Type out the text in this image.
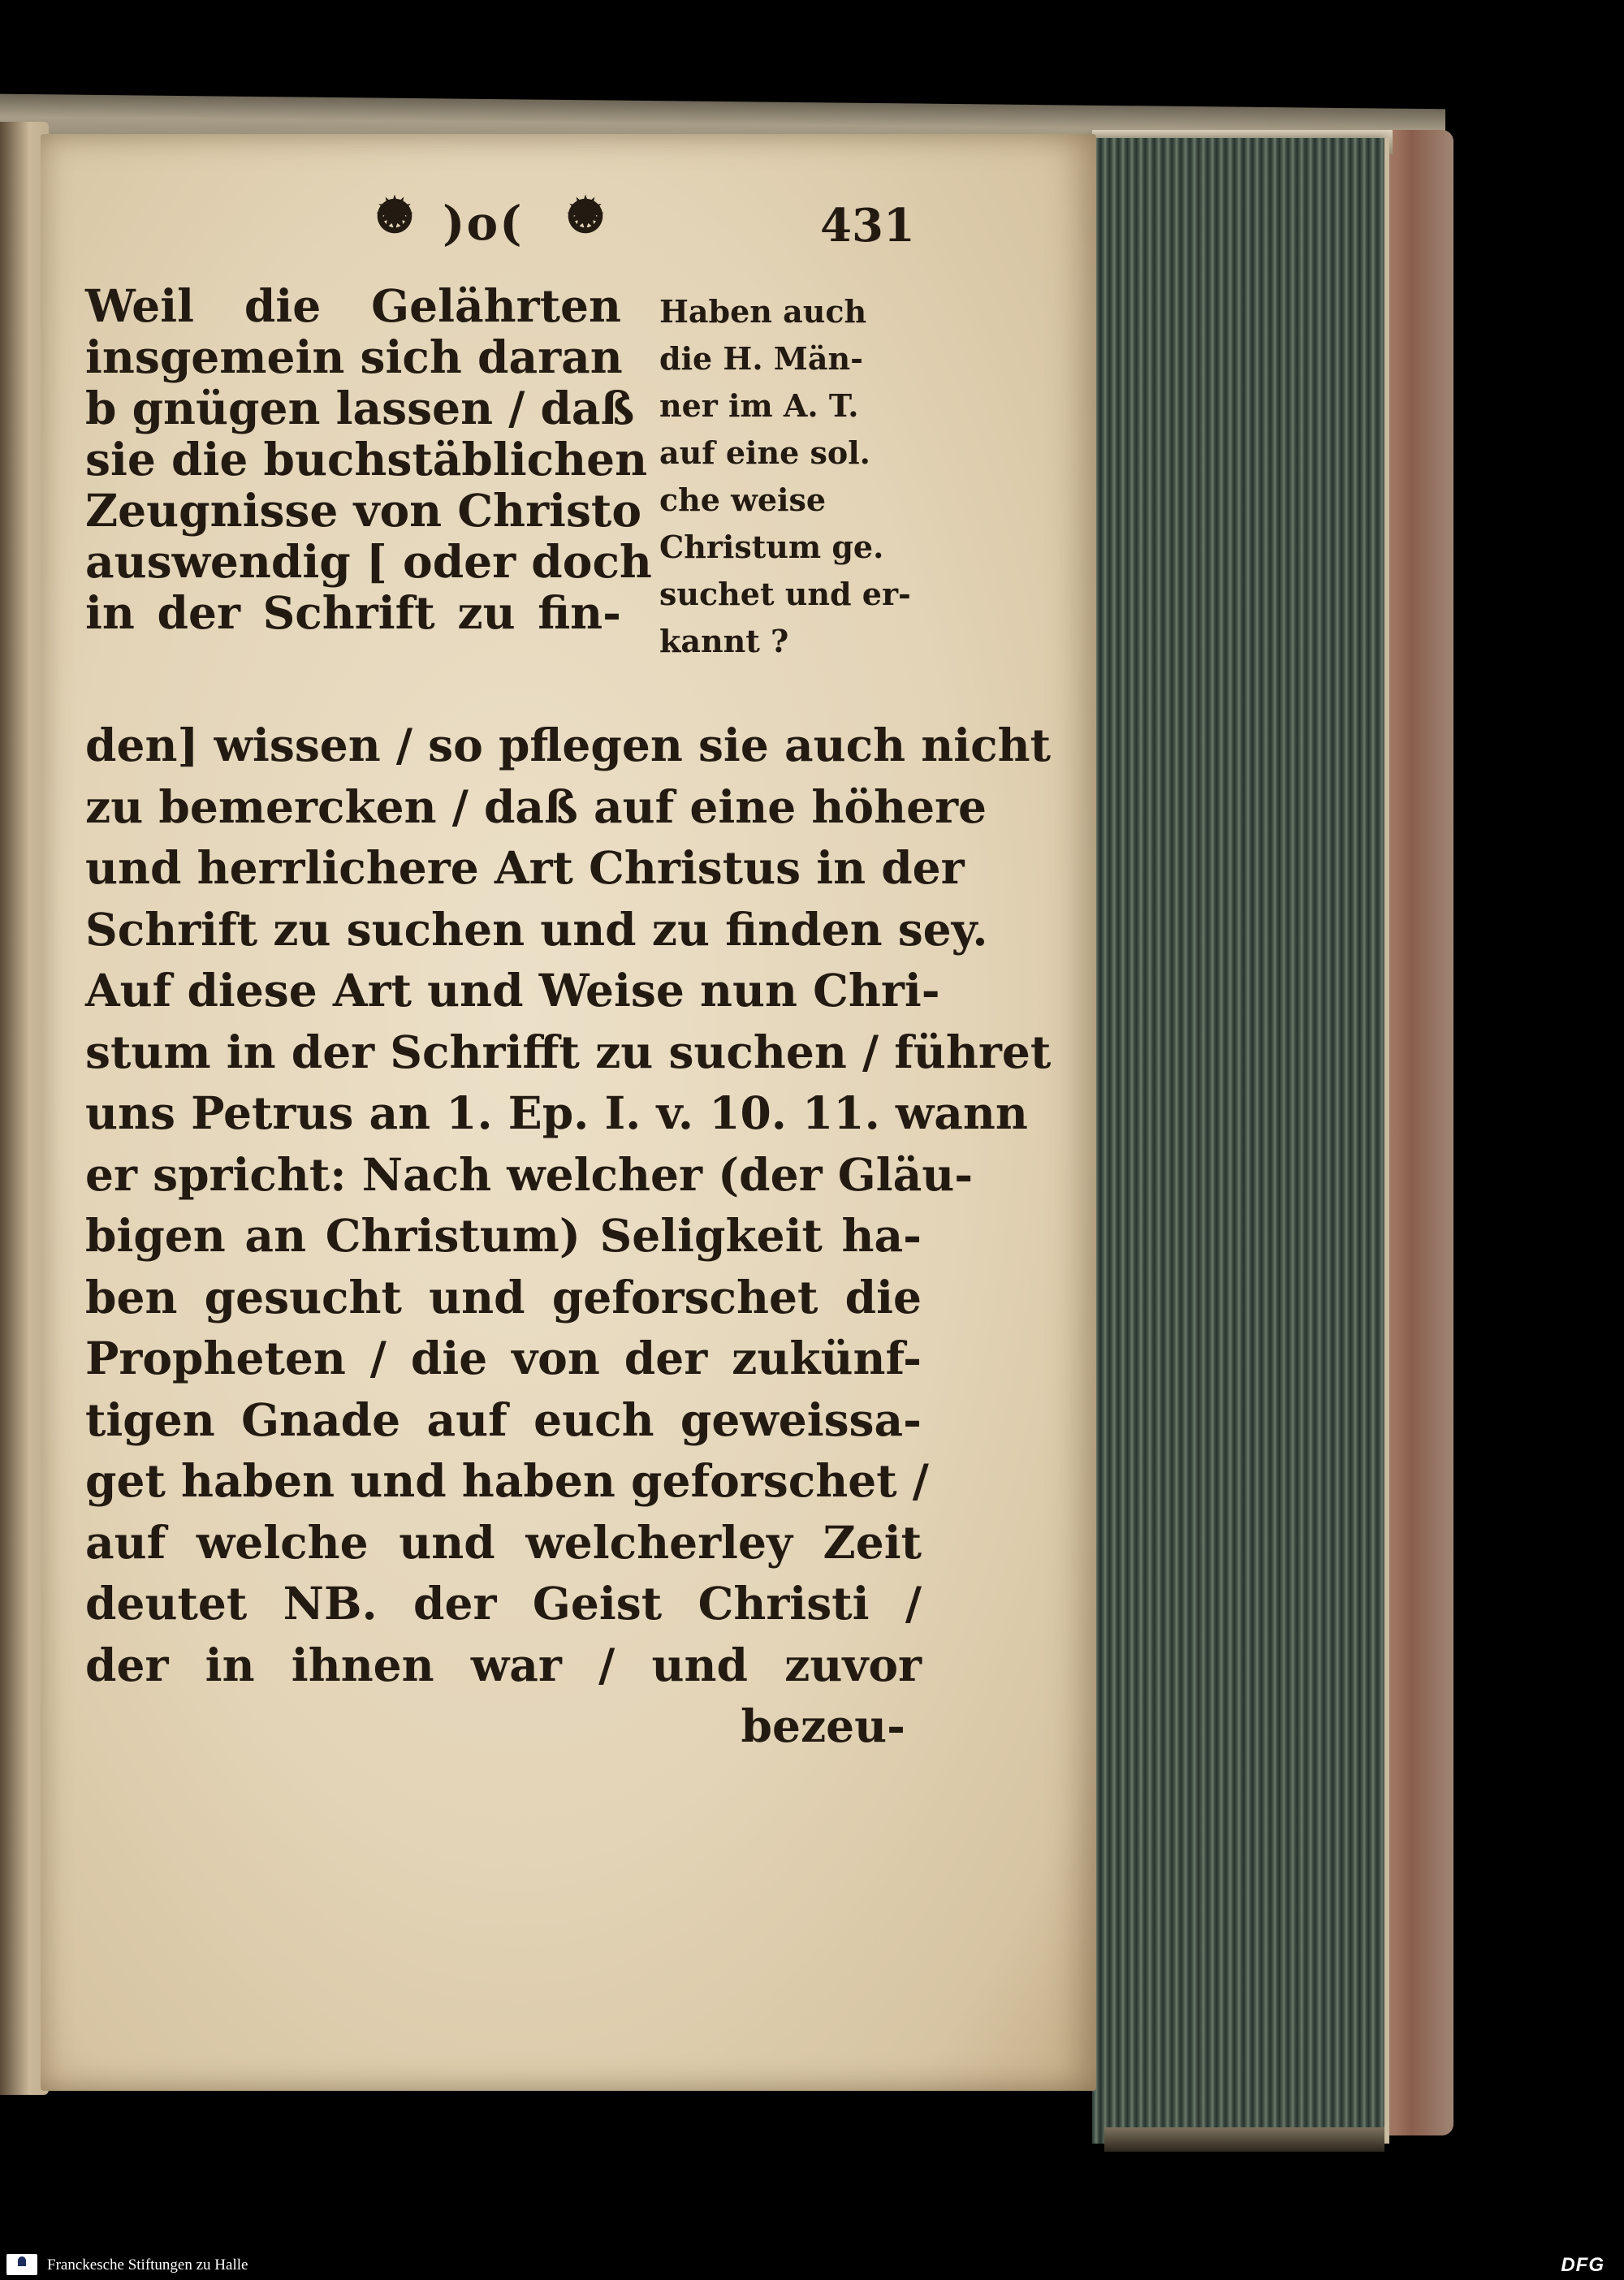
✹
)o(
✹	431
Weil die Gelährten
insgemein sich daran
b gnügen lassen / daß
sie die buchstäblichen
Zeugnisse von Christo
auswendig [ oder doch
in der Schrift zu fin-
Haben auch
die H. Män-
ner im A. T.
auf eine sol.
che weise
Christum ge.
suchet und er-
kannt ?
den] wissen / so pflegen sie auch nicht
zu bemercken / daß auf eine höhere
und herrlichere Art Christus in der
Schrift zu suchen und zu finden sey.
Auf diese Art und Weise nun Chri-
stum in der Schrifft zu suchen / führet
uns Petrus an 1. Ep. I. v. 10. 11. wann
er spricht: Nach welcher (der Gläu-
bigen an Christum) Seligkeit ha-
ben gesucht und geforschet die
Propheten / die von der zukünf-
tigen Gnade auf euch geweissa-
get haben und haben geforschet /
auf welche und welcherley Zeit
deutet NB. der Geist Christi /
der in ihnen war / und zuvor
bezeu-
Franckesche Stiftungen zu Halle	DFG
